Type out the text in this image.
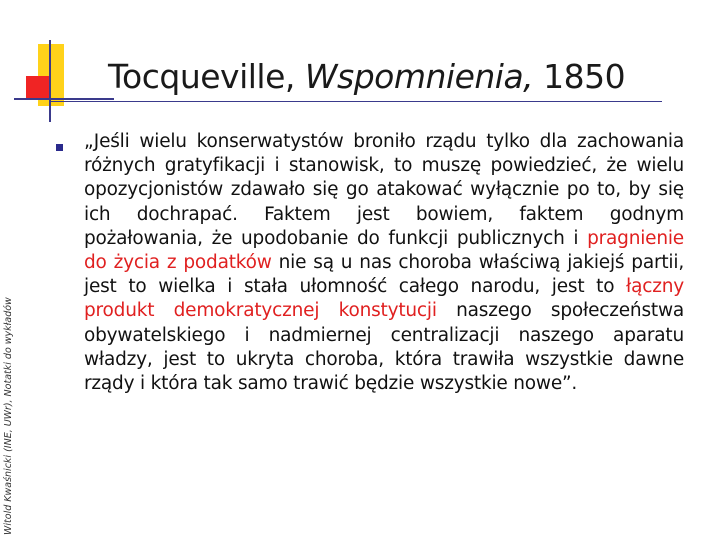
Tocqueville, Wspomnienia, 1850
Witold Kwaśnicki (INE, UWr), Notatki do wykładów
„Jeśli wielu konserwatystów broniło rządu tylko dla zachowania różnych gratyfikacji i stanowisk, to muszę powiedzieć, że wielu opozycjonistów zdawało się go atakować wyłącznie po to, by się ich dochrapać. Faktem jest bowiem, faktem godnym pożałowania, że upodobanie do funkcji publicznych i pragnienie do życia z podatków nie są u nas choroba właściwą jakiejś partii, jest to wielka i stała ułomność całego narodu, jest to łączny produkt demokratycznej konstytucji naszego społeczeństwa obywatelskiego i nadmiernej centralizacji naszego aparatu władzy, jest to ukryta choroba, która trawiła wszystkie dawne rządy i która tak samo trawić będzie wszystkie nowe”.
